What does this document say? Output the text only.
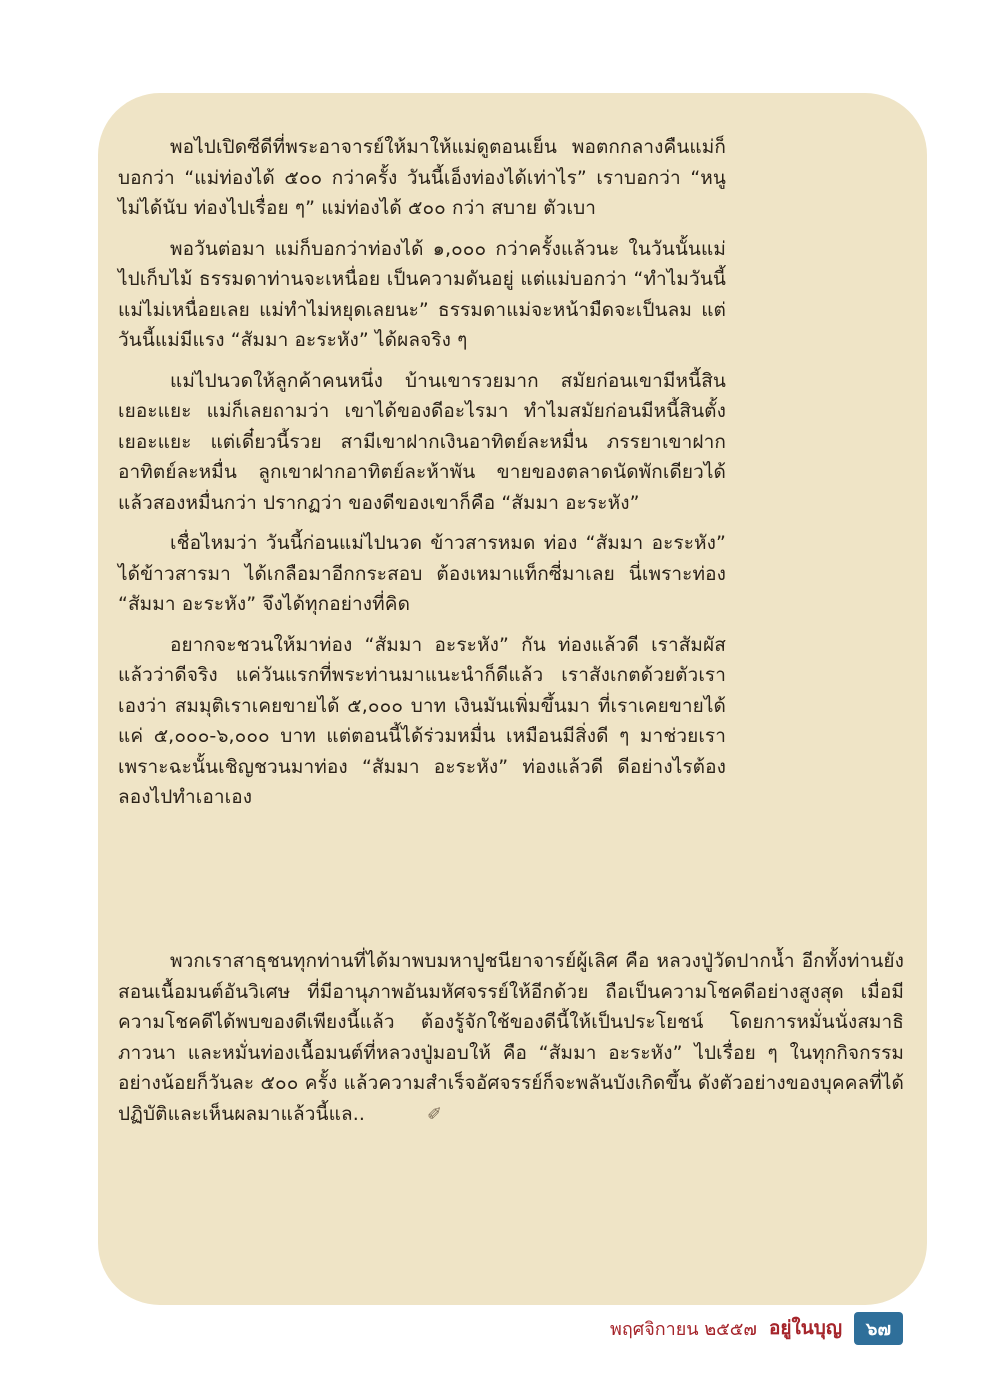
พอไปเปิดซีดีที่พระอาจารย์ให้มาให้แม่ดูตอนเย็น พอตกกลางคืนแม่ก็บอกว่า “แม่ท่องได้ ๕๐๐ กว่าครั้ง วันนี้เอ็งท่องได้เท่าไร” เราบอกว่า “หนูไม่ได้นับ ท่องไปเรื่อย ๆ” แม่ท่องได้ ๕๐๐ กว่า สบาย ตัวเบา

พอวันต่อมา แม่ก็บอกว่าท่องได้ ๑,๐๐๐ กว่าครั้งแล้วนะ ในวันนั้นแม่ไปเก็บไม้ ธรรมดาท่านจะเหนื่อย เป็นความดันอยู่ แต่แม่บอกว่า “ทำไมวันนี้แม่ไม่เหนื่อยเลย แม่ทำไม่หยุดเลยนะ” ธรรมดาแม่จะหน้ามืดจะเป็นลม แต่วันนี้แม่มีแรง “สัมมา อะระหัง” ได้ผลจริง ๆ

แม่ไปนวดให้ลูกค้าคนหนึ่ง บ้านเขารวยมาก สมัยก่อนเขามีหนี้สินเยอะแยะ แม่ก็เลยถามว่า เขาได้ของดีอะไรมา ทำไมสมัยก่อนมีหนี้สินตั้งเยอะแยะ แต่เดี๋ยวนี้รวย สามีเขาฝากเงินอาทิตย์ละหมื่น ภรรยาเขาฝากอาทิตย์ละหมื่น ลูกเขาฝากอาทิตย์ละห้าพัน ขายของตลาดนัดพักเดียวได้แล้วสองหมื่นกว่า ปรากฏว่า ของดีของเขาก็คือ “สัมมา อะระหัง”

เชื่อไหมว่า วันนี้ก่อนแม่ไปนวด ข้าวสารหมด ท่อง “สัมมา อะระหัง” ได้ข้าวสารมา ได้เกลือมาอีกกระสอบ ต้องเหมาแท็กซี่มาเลย นี่เพราะท่อง “สัมมา อะระหัง” จึงได้ทุกอย่างที่คิด

อยากจะชวนให้มาท่อง “สัมมา อะระหัง” กัน ท่องแล้วดี เราสัมผัสแล้วว่าดีจริง แค่วันแรกที่พระท่านมาแนะนำก็ดีแล้ว เราสังเกตด้วยตัวเราเองว่า สมมุติเราเคยขายได้ ๕,๐๐๐ บาท เงินมันเพิ่มขึ้นมา ที่เราเคยขายได้แค่ ๕,๐๐๐-๖,๐๐๐ บาท แต่ตอนนี้ได้ร่วมหมื่น เหมือนมีสิ่งดี ๆ มาช่วยเรา เพราะฉะนั้นเชิญชวนมาท่อง “สัมมา อะระหัง” ท่องแล้วดี ดีอย่างไรต้องลองไปทำเอาเอง

พวกเราสาธุชนทุกท่านที่ได้มาพบมหาปูชนียาจารย์ผู้เลิศ คือ หลวงปู่วัดปากน้ำ อีกทั้งท่านยังสอนเนื้อมนต์อันวิเศษ ที่มีอานุภาพอันมหัศจรรย์ให้อีกด้วย ถือเป็นความโชคดีอย่างสูงสุด เมื่อมีความโชคดีได้พบของดีเพียงนี้แล้ว ต้องรู้จักใช้ของดีนี้ให้เป็นประโยชน์ โดยการหมั่นนั่งสมาธิภาวนา และหมั่นท่องเนื้อมนต์ที่หลวงปู่มอบให้ คือ “สัมมา อะระหัง” ไปเรื่อย ๆ ในทุกกิจกรรมอย่างน้อยก็วันละ ๕๐๐ ครั้ง แล้วความสำเร็จอัศจรรย์ก็จะพลันบังเกิดขึ้น ดังตัวอย่างของบุคคลที่ได้ปฏิบัติและเห็นผลมาแล้วนี้แล..	✐

พฤศจิกายน ๒๕๕๗ อยู่ในบุญ	๖๗
